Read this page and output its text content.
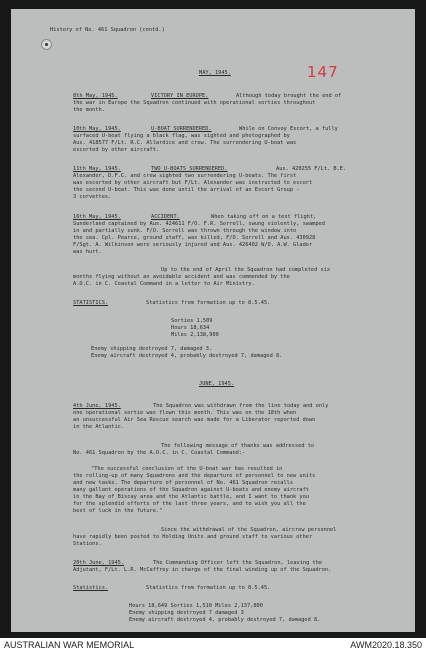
147
History of No. 461 Squadron (contd.)
MAY, 1945.
8th May, 1945.	VICTORY IN EUROPE.	Although today brought the end of
the war in Europe the Squadron continued with operational sorties throughout
the month.
10th May, 1945.	U-BOAT SURRENDERED.	While on Convoy Escort, a fully
surfaced U-boat flying a black flag, was sighted and photographed by
Aus. 418577 F/Lt. R.C. Allardice and crew. The surrendering U-boat was
escorted by other aircraft.
11th May, 1945.	TWO U-BOATS SURRENDERED.	Aus. 420255 F/Lt. B.E.
Alexander, D.F.C. and crew sighted two surrendering U-boats. The first
was escorted by other aircraft but F/Lt. Alexander was instructed to escort
the second U-boat. This was done until the arrival of an Escort Group -
3 corvettes.
16th May, 1945.	ACCIDENT.	When taking off on a test flight,
Sunderland captained by Aus. 424611 F/O. F.R. Sorrell, swung violently, swamped
in and partially sunk. F/O. Sorrell was thrown through the window into
the sea. Cpl. Pearce, ground staff, was killed, F/O. Sorrell and Aus. 430928
F/Sgt. A. Wilkinson were seriously injured and Aus. 426402 W/O. A.W. Glader
was hurt.
Up to the end of April the Squadron had completed six
months flying without an avoidable accident and was commended by the
A.O.C. in C. Coastal Command in a letter to Air Ministry.
STATISTICS.	Statistics from formation up to 8.5.45.
Sorties 1,509
Hours 18,634
Miles 2,138,900
Enemy shipping destroyed 7, damaged 3.
Enemy aircraft destroyed 4, probably destroyed 7, damaged 8.
JUNE, 1945.
4th June, 1945.	The Squadron was withdrawn from the line today and only
one operational sortie was flown this month. This was on the 18th when
an unsuccessful Air Sea Rescue search was made for a Liberator reported down
in the Atlantic.
The following message of thanks was addressed to
No. 461 Squadron by the A.O.C. in C. Coastal Command:-
"The successful conclusion of the U-boat war has resulted in
the rolling-up of many Squadrons and the departure of personnel to new units
and new tasks. The departure of personnel of No. 461 Squadron recalls
many gallant operations of the Squadron against U-boats and enemy aircraft
in the Bay of Biscay area and the Atlantic battle, and I want to thank you
for the splendid efforts of the last three years, and to wish you all the
best of luck in the future."
Since the withdrawal of the Squadron, aircrew personnel
have rapidly been posted to Holding Units and ground staff to various other
Stations.
20th June, 1945.	The Commanding Officer left the Squadron, leaving the
Adjutant, F/Lt. L.R. McCaffrey in charge of the final winding up of the Squadron.
Statistics.	Statistics from formation up to 8.5.45.
Hours 18,649 Sorties 1,510 Miles 2,137,800
Enemy shipping destroyed 7 damaged 3
Enemy aircraft destroyed 4, probably destroyed 7, damaged 8.
AUSTRALIAN WAR MEMORIAL	AWM2020.18.350
